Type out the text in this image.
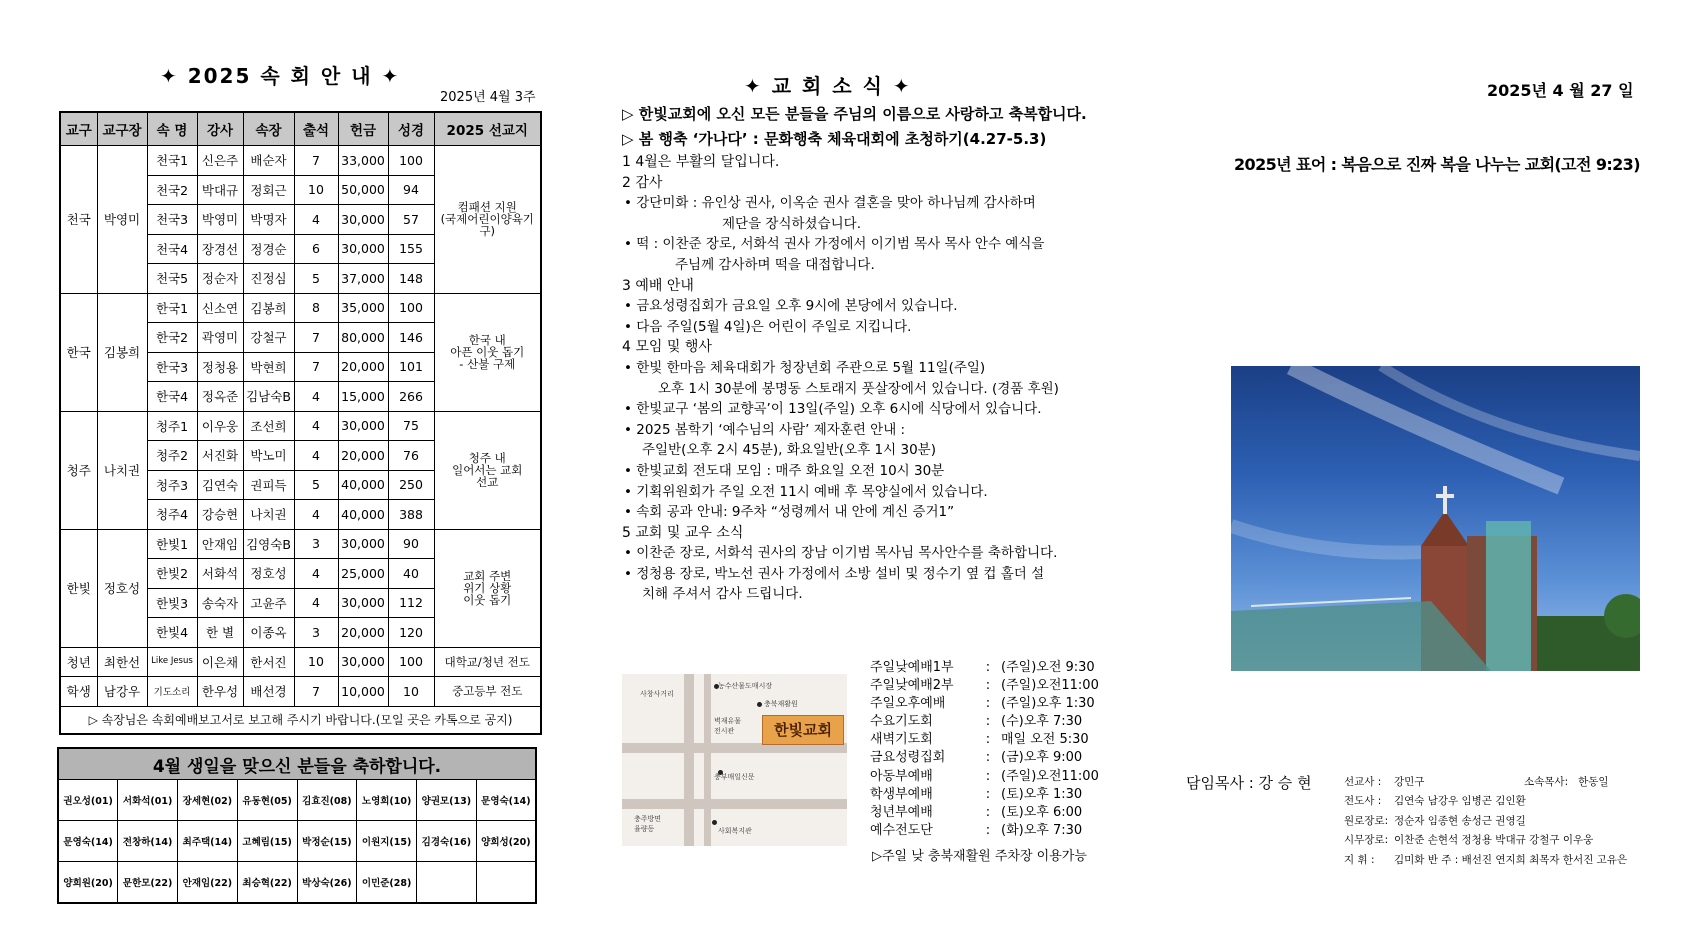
✦ 2025 속 회 안 내 ✦
2025년 4월 3주
교구	교구장	속 명	강사	속장	출석	헌금	성경	2025 선교지
천국	박영미	천국1	신은주	배순자	7	33,000	100	컴패션 지원
(국제어린이양육기구)
		천국2	박대규	정회근	10	50,000	94	
		천국3	박영미	박명자	4	30,000	57	
		천국4	장경선	정경순	6	30,000	155	
		천국5	정순자	진정심	5	37,000	148	
한국	김봉희	한국1	신소연	김봉희	8	35,000	100	한국 내
아픈 이웃 돕기
- 산불 구제
		한국2	곽영미	강철구	7	80,000	146	
		한국3	정청용	박현희	7	20,000	101	
		한국4	정옥준	김남숙B	4	15,000	266	
청주	나치권	청주1	이우웅	조선희	4	30,000	75	청주 내
일어서는 교회
선교
		청주2	서진화	박노미	4	20,000	76	
		청주3	김연숙	권피득	5	40,000	250	
		청주4	강승현	나치권	4	40,000	388	
한빛	정호성	한빛1	안재임	김영숙B	3	30,000	90	교회 주변
위기 상황
이웃 돕기
		한빛2	서화석	정호성	4	25,000	40	
		한빛3	송숙자	고윤주	4	30,000	112	
		한빛4	한 별	이종옥	3	20,000	120	
청년	최한선	Like Jesus	이은채	한서진	10	30,000	100	대학교/청년 전도
학생	남강우	기도소리	한우성	배선경	7	10,000	10	중고등부 전도
▷ 속장님은 속회예배보고서로 보고해 주시기 바랍니다.(모일 곳은 카톡으로 공지)								
4월 생일을 맞으신 분들을 축하합니다.							
권오성(01)	서화석(01)	장세현(02)	유동현(05)	김효진(08)	노영희(10)	양권모(13)	문영숙(14)
문영숙(14)	전창하(14)	최주택(14)	고혜림(15)	박정순(15)	이원지(15)	김경숙(16)	양희성(20)
양희원(20)	문한모(22)	안재임(22)	최승혁(22)	박상숙(26)	이민준(28)		
✦ 교 회 소 식 ✦
▷ 한빛교회에 오신 모든 분들을 주님의 이름으로 사랑하고 축복합니다.
▷ 봄 행축 ‘가나다’ : 문화행축 체육대회에 초청하기(4.27-5.3)
1 4월은 부활의 달입니다.
2 감사
• 강단미화 : 유인상 권사, 이옥순 권사 결혼을 맞아 하나님께 감사하며
제단을 장식하셨습니다.
• 떡 : 이찬준 장로, 서화석 권사 가정에서 이기범 목사 목사 안수 예식을
주님께 감사하며 떡을 대접합니다.
3 예배 안내
• 금요성령집회가 금요일 오후 9시에 본당에서 있습니다.
• 다음 주일(5월 4일)은 어린이 주일로 지킵니다.
4 모임 및 행사
• 한빛 한마음 체육대회가 청장년회 주관으로 5월 11일(주일)
오후 1시 30분에 봉명동 스토래지 풋살장에서 있습니다. (경품 후원)
• 한빛교구 ‘봄의 교향곡’이 13일(주일) 오후 6시에 식당에서 있습니다.
• 2025 봄학기 ‘예수님의 사람’ 제자훈련 안내 :
주일반(오후 2시 45분), 화요일반(오후 1시 30분)
• 한빛교회 전도대 모임 : 매주 화요일 오전 10시 30분
• 기획위원회가 주일 오전 11시 예배 후 목양실에서 있습니다.
• 속회 공과 안내: 9주차 “성령께서 내 안에 계신 증거1”
5 교회 및 교우 소식
• 이찬준 장로, 서화석 권사의 장남 이기범 목사님 목사안수를 축하합니다.
• 정청용 장로, 박노선 권사 가정에서 소방 설비 및 정수기 옆 컵 홀더 설
치해 주셔서 감사 드립니다.
농수산물도매시장
사창사거리
충북재활원
벽재유물
전시관	한빛교회
충부매일신문
충주방면
율량동	사회복지관
주일낮예배1부	: (주일)오전 9:30
주일낮예배2부	: (주일)오전11:00
주일오후예배	: (주일)오후 1:30
수요기도회	: (수)오후 7:30
새벽기도회	: 매일 오전 5:30
금요성령집회	: (금)오후 9:00
아동부예배	: (주일)오전11:00
학생부예배	: (토)오후 1:30
청년부예배	: (토)오후 6:00
예수전도단	: (화)오후 7:30
▷주일 낮 충북재활원 주차장 이용가능
2025년 4 월 27 일
2025년 표어 : 복음으로 진짜 복을 나누는 교회(고전 9:23)
담임목사 : 강 승 현	선교사 :	강민구	소속목사: 한동일
전도사 :	김연숙 남강우 임병곤 김인환
원로장로: 정순자 임종현 송성근 권영길
시무장로: 이찬준 손현석 정청용 박대규 강철구 이우웅
지 휘 :	김미화 반 주 : 배선진 연지희 최목자 한서진 고유은
